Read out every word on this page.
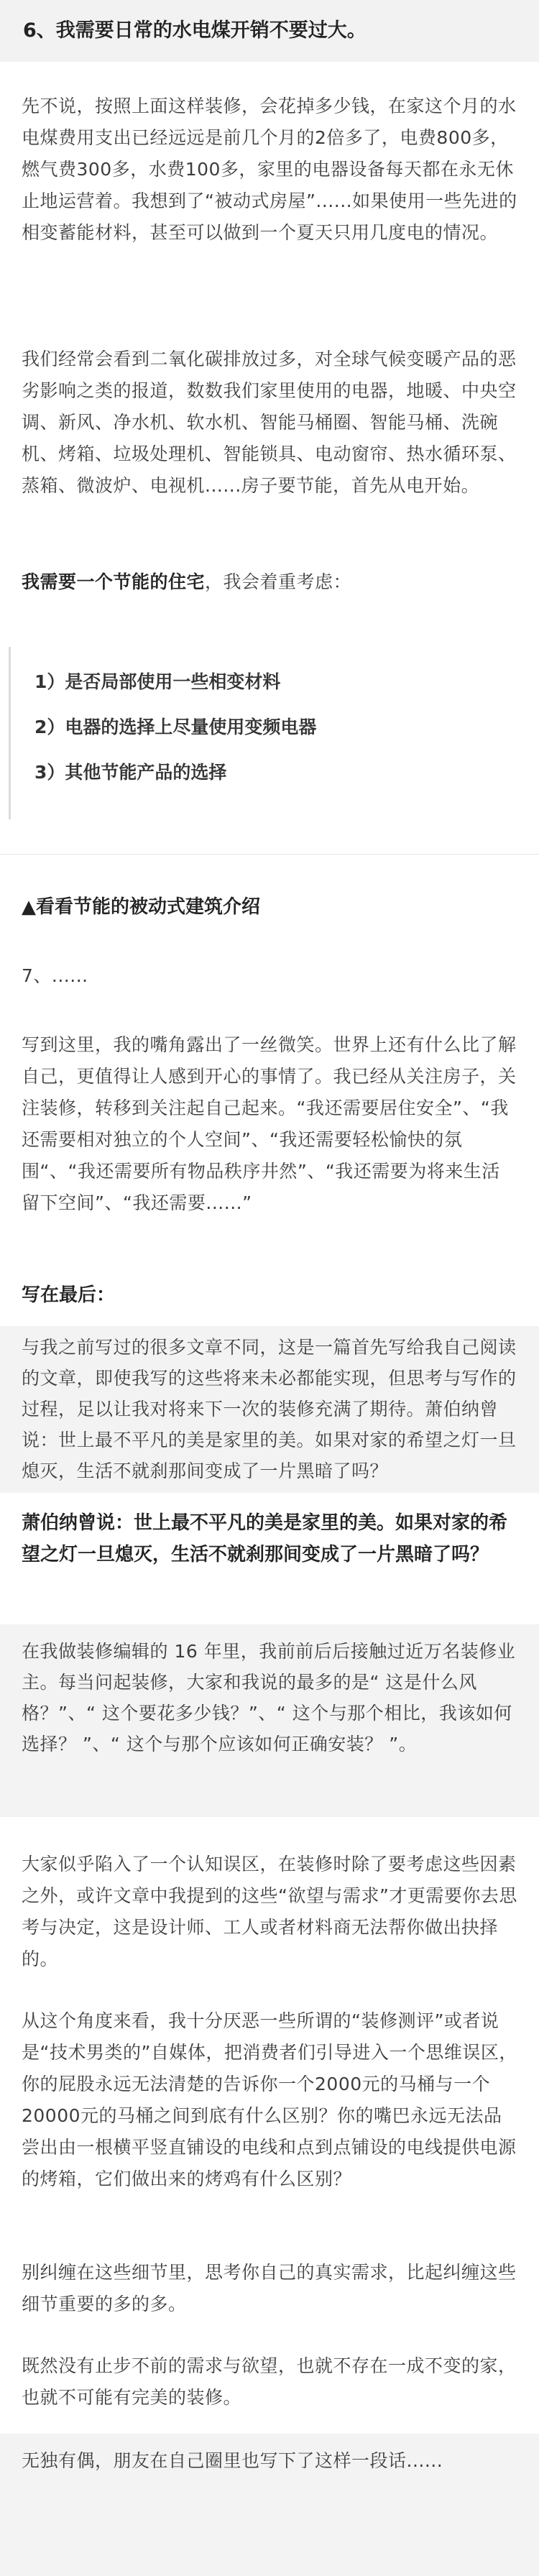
6、我需要日常的水电煤开销不要过大。
先不说，按照上面这样装修，会花掉多少钱，在家这个月的水电煤费用支出已经远远是前几个月的2倍多了，电费800多，燃气费300多，水费100多，家里的电器设备每天都在永无休止地运营着。我想到了“被动式房屋”......如果使用一些先进的相变蓄能材料，甚至可以做到一个夏天只用几度电的情况。
我们经常会看到二氧化碳排放过多，对全球气候变暖产品的恶劣影响之类的报道，数数我们家里使用的电器，地暖、中央空调、新风、净水机、软水机、智能马桶圈、智能马桶、洗碗机、烤箱、垃圾处理机、智能锁具、电动窗帘、热水循环泵、蒸箱、微波炉、电视机......房子要节能，首先从电开始。
我需要一个节能的住宅，我会着重考虑：
1）是否局部使用一些相变材料
2）电器的选择上尽量使用变频电器
3）其他节能产品的选择
▲看看节能的被动式建筑介绍
7、......
写到这里，我的嘴角露出了一丝微笑。世界上还有什么比了解自己，更值得让人感到开心的事情了。我已经从关注房子，关注装修，转移到关注起自己起来。“我还需要居住安全”、“我还需要相对独立的个人空间”、“我还需要轻松愉快的氛围“、“我还需要所有物品秩序井然”、“我还需要为将来生活留下空间”、“我还需要......”
写在最后：
与我之前写过的很多文章不同，这是一篇首先写给我自己阅读的文章，即使我写的这些将来未必都能实现，但思考与写作的过程，足以让我对将来下一次的装修充满了期待。萧伯纳曾说：世上最不平凡的美是家里的美。如果对家的希望之灯一旦熄灭，生活不就刹那间变成了一片黑暗了吗？
萧伯纳曾说：世上最不平凡的美是家里的美。如果对家的希望之灯一旦熄灭，生活不就刹那间变成了一片黑暗了吗？
在我做装修编辑的 16 年里，我前前后后接触过近万名装修业主。每当问起装修，大家和我说的最多的是“ 这是什么风格？”、“ 这个要花多少钱？”、“ 这个与那个相比，我该如何选择？ ”、“ 这个与那个应该如何正确安装？ ”。
大家似乎陷入了一个认知误区，在装修时除了要考虑这些因素之外，或许文章中我提到的这些“欲望与需求”才更需要你去思考与决定，这是设计师、工人或者材料商无法帮你做出抉择的。
从这个角度来看，我十分厌恶一些所谓的“装修测评”或者说是“技术男类的”自媒体，把消费者们引导进入一个思维误区，你的屁股永远无法清楚的告诉你一个2000元的马桶与一个20000元的马桶之间到底有什么区别？你的嘴巴永远无法品尝出由一根横平竖直铺设的电线和点到点铺设的电线提供电源的烤箱，它们做出来的烤鸡有什么区别？
别纠缠在这些细节里，思考你自己的真实需求，比起纠缠这些细节重要的多的多。
既然没有止步不前的需求与欲望，也就不存在一成不变的家，也就不可能有完美的装修。
无独有偶，朋友在自己圈里也写下了这样一段话......
